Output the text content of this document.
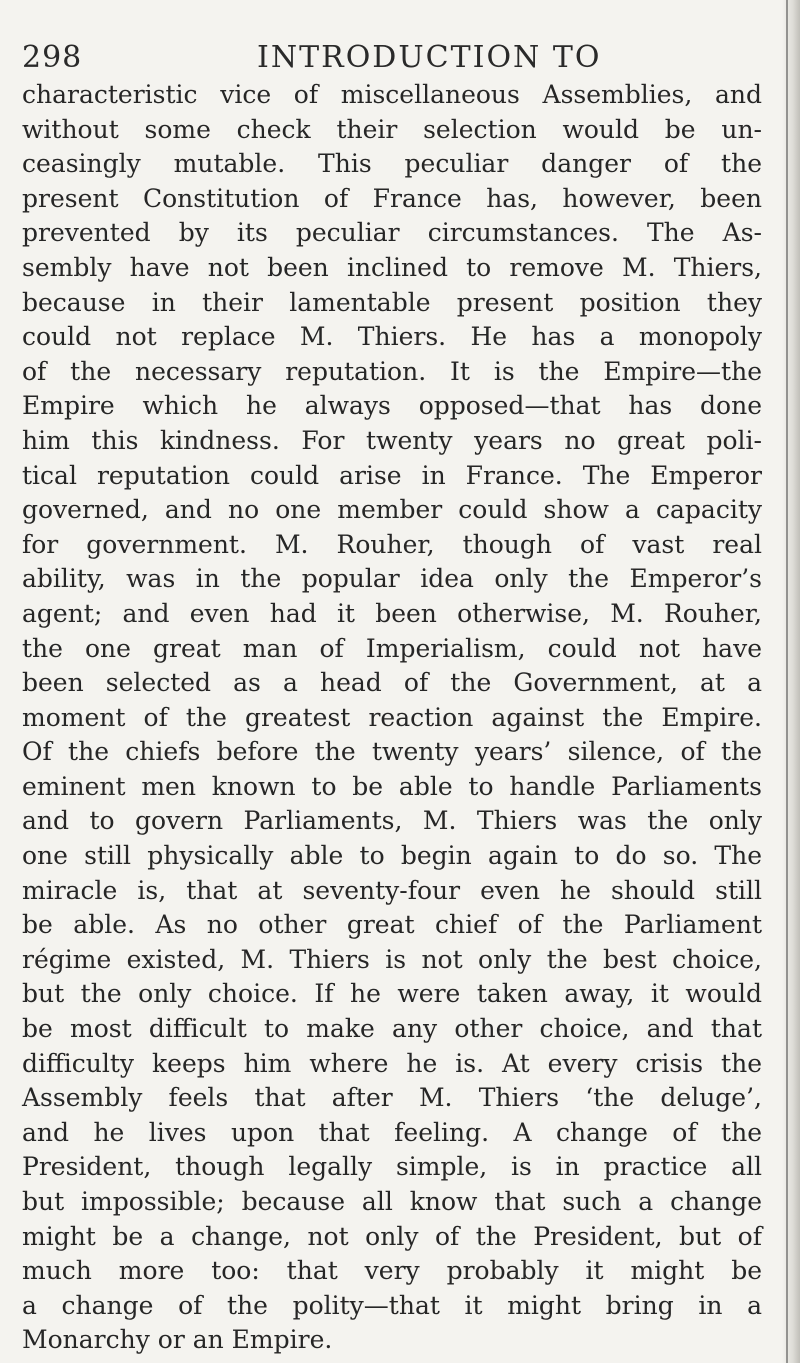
298	INTRODUCTION TO
characteristic vice of miscellaneous Assemblies, and
without some check their selection would be un-
ceasingly mutable. This peculiar danger of the
present Constitution of France has, however, been
prevented by its peculiar circumstances. The As-
sembly have not been inclined to remove M. Thiers,
because in their lamentable present position they
could not replace M. Thiers. He has a monopoly
of the necessary reputation. It is the Empire—the
Empire which he always opposed—that has done
him this kindness. For twenty years no great poli-
tical reputation could arise in France. The Emperor
governed, and no one member could show a capacity
for government. M. Rouher, though of vast real
ability, was in the popular idea only the Emperor’s
agent; and even had it been otherwise, M. Rouher,
the one great man of Imperialism, could not have
been selected as a head of the Government, at a
moment of the greatest reaction against the Empire.
Of the chiefs before the twenty years’ silence, of the
eminent men known to be able to handle Parliaments
and to govern Parliaments, M. Thiers was the only
one still physically able to begin again to do so. The
miracle is, that at seventy-four even he should still
be able. As no other great chief of the Parliament
régime existed, M. Thiers is not only the best choice,
but the only choice. If he were taken away, it would
be most difficult to make any other choice, and that
difficulty keeps him where he is. At every crisis the
Assembly feels that after M. Thiers ‘the deluge’,
and he lives upon that feeling. A change of the
President, though legally simple, is in practice all
but impossible; because all know that such a change
might be a change, not only of the President, but of
much more too: that very probably it might be
a change of the polity—that it might bring in a
Monarchy or an Empire.
